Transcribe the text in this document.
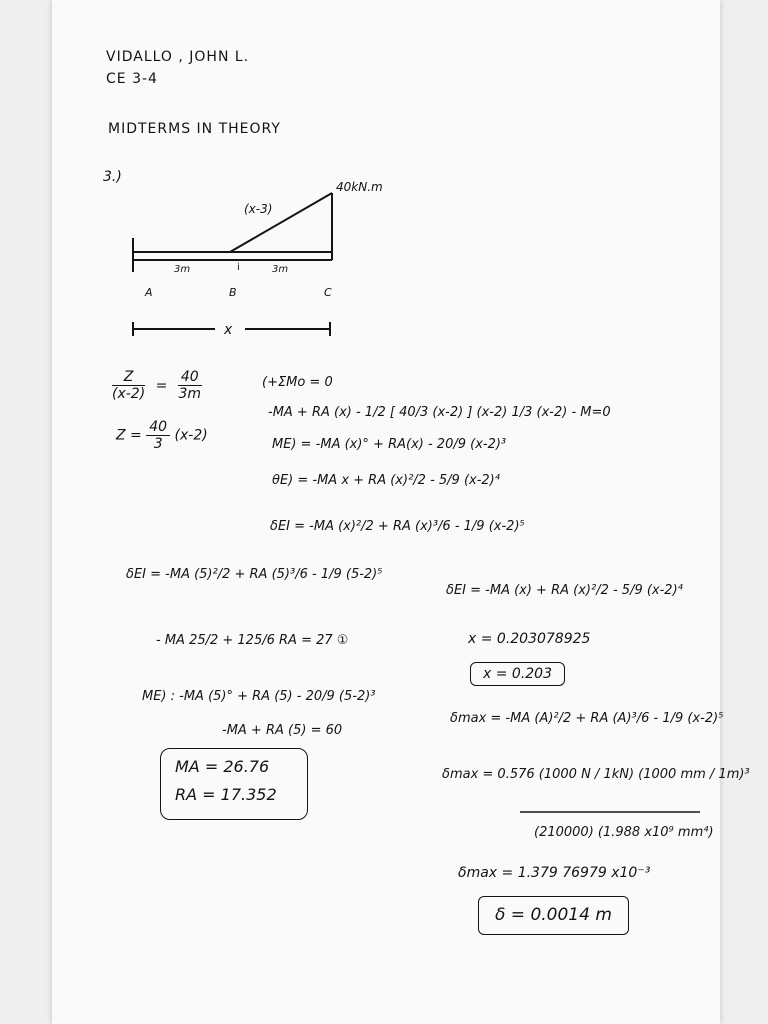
VIDALLO , JOHN L.
CE 3-4
MIDTERMS IN THEORY
3.)
i
40kN.m
(x-3)
3m	3m
A	B	C
x
$\frac{Z}{(x-2)} = \frac{40}{3m}$
$Z = \frac{40}{3} (x-2)$
(+ΣMo = 0
-MA + RA (x) - 1/2 [ 40/3 (x-2) ] (x-2) 1/3 (x-2) - M=0
ME) = -MA (x)° + RA(x) - 20/9 (x-2)³
θE) = -MA x + RA (x)²/2 - 5/9 (x-2)⁴
δEI = -MA (x)²/2 + RA (x)³/6 - 1/9 (x-2)⁵
δEI = -MA (5)²/2 + RA (5)³/6 - 1/9 (5-2)⁵
- MA 25/2 + 125/6 RA = 27 ①
ME) : -MA (5)° + RA (5) - 20/9 (5-2)³
-MA + RA (5) = 60
MA = 26.76
RA = 17.352
δEI = -MA (x) + RA (x)²/2 - 5/9 (x-2)⁴
x = 0.203078925
x = 0.203
δmax = -MA (A)²/2 + RA (A)³/6 - 1/9 (x-2)⁵
δmax = 0.576 (1000 N / 1kN) (1000 mm / 1m)³
(210000) (1.988 x10⁹ mm⁴)
δmax = 1.379 76979 x10⁻³
δ = 0.0014 m
